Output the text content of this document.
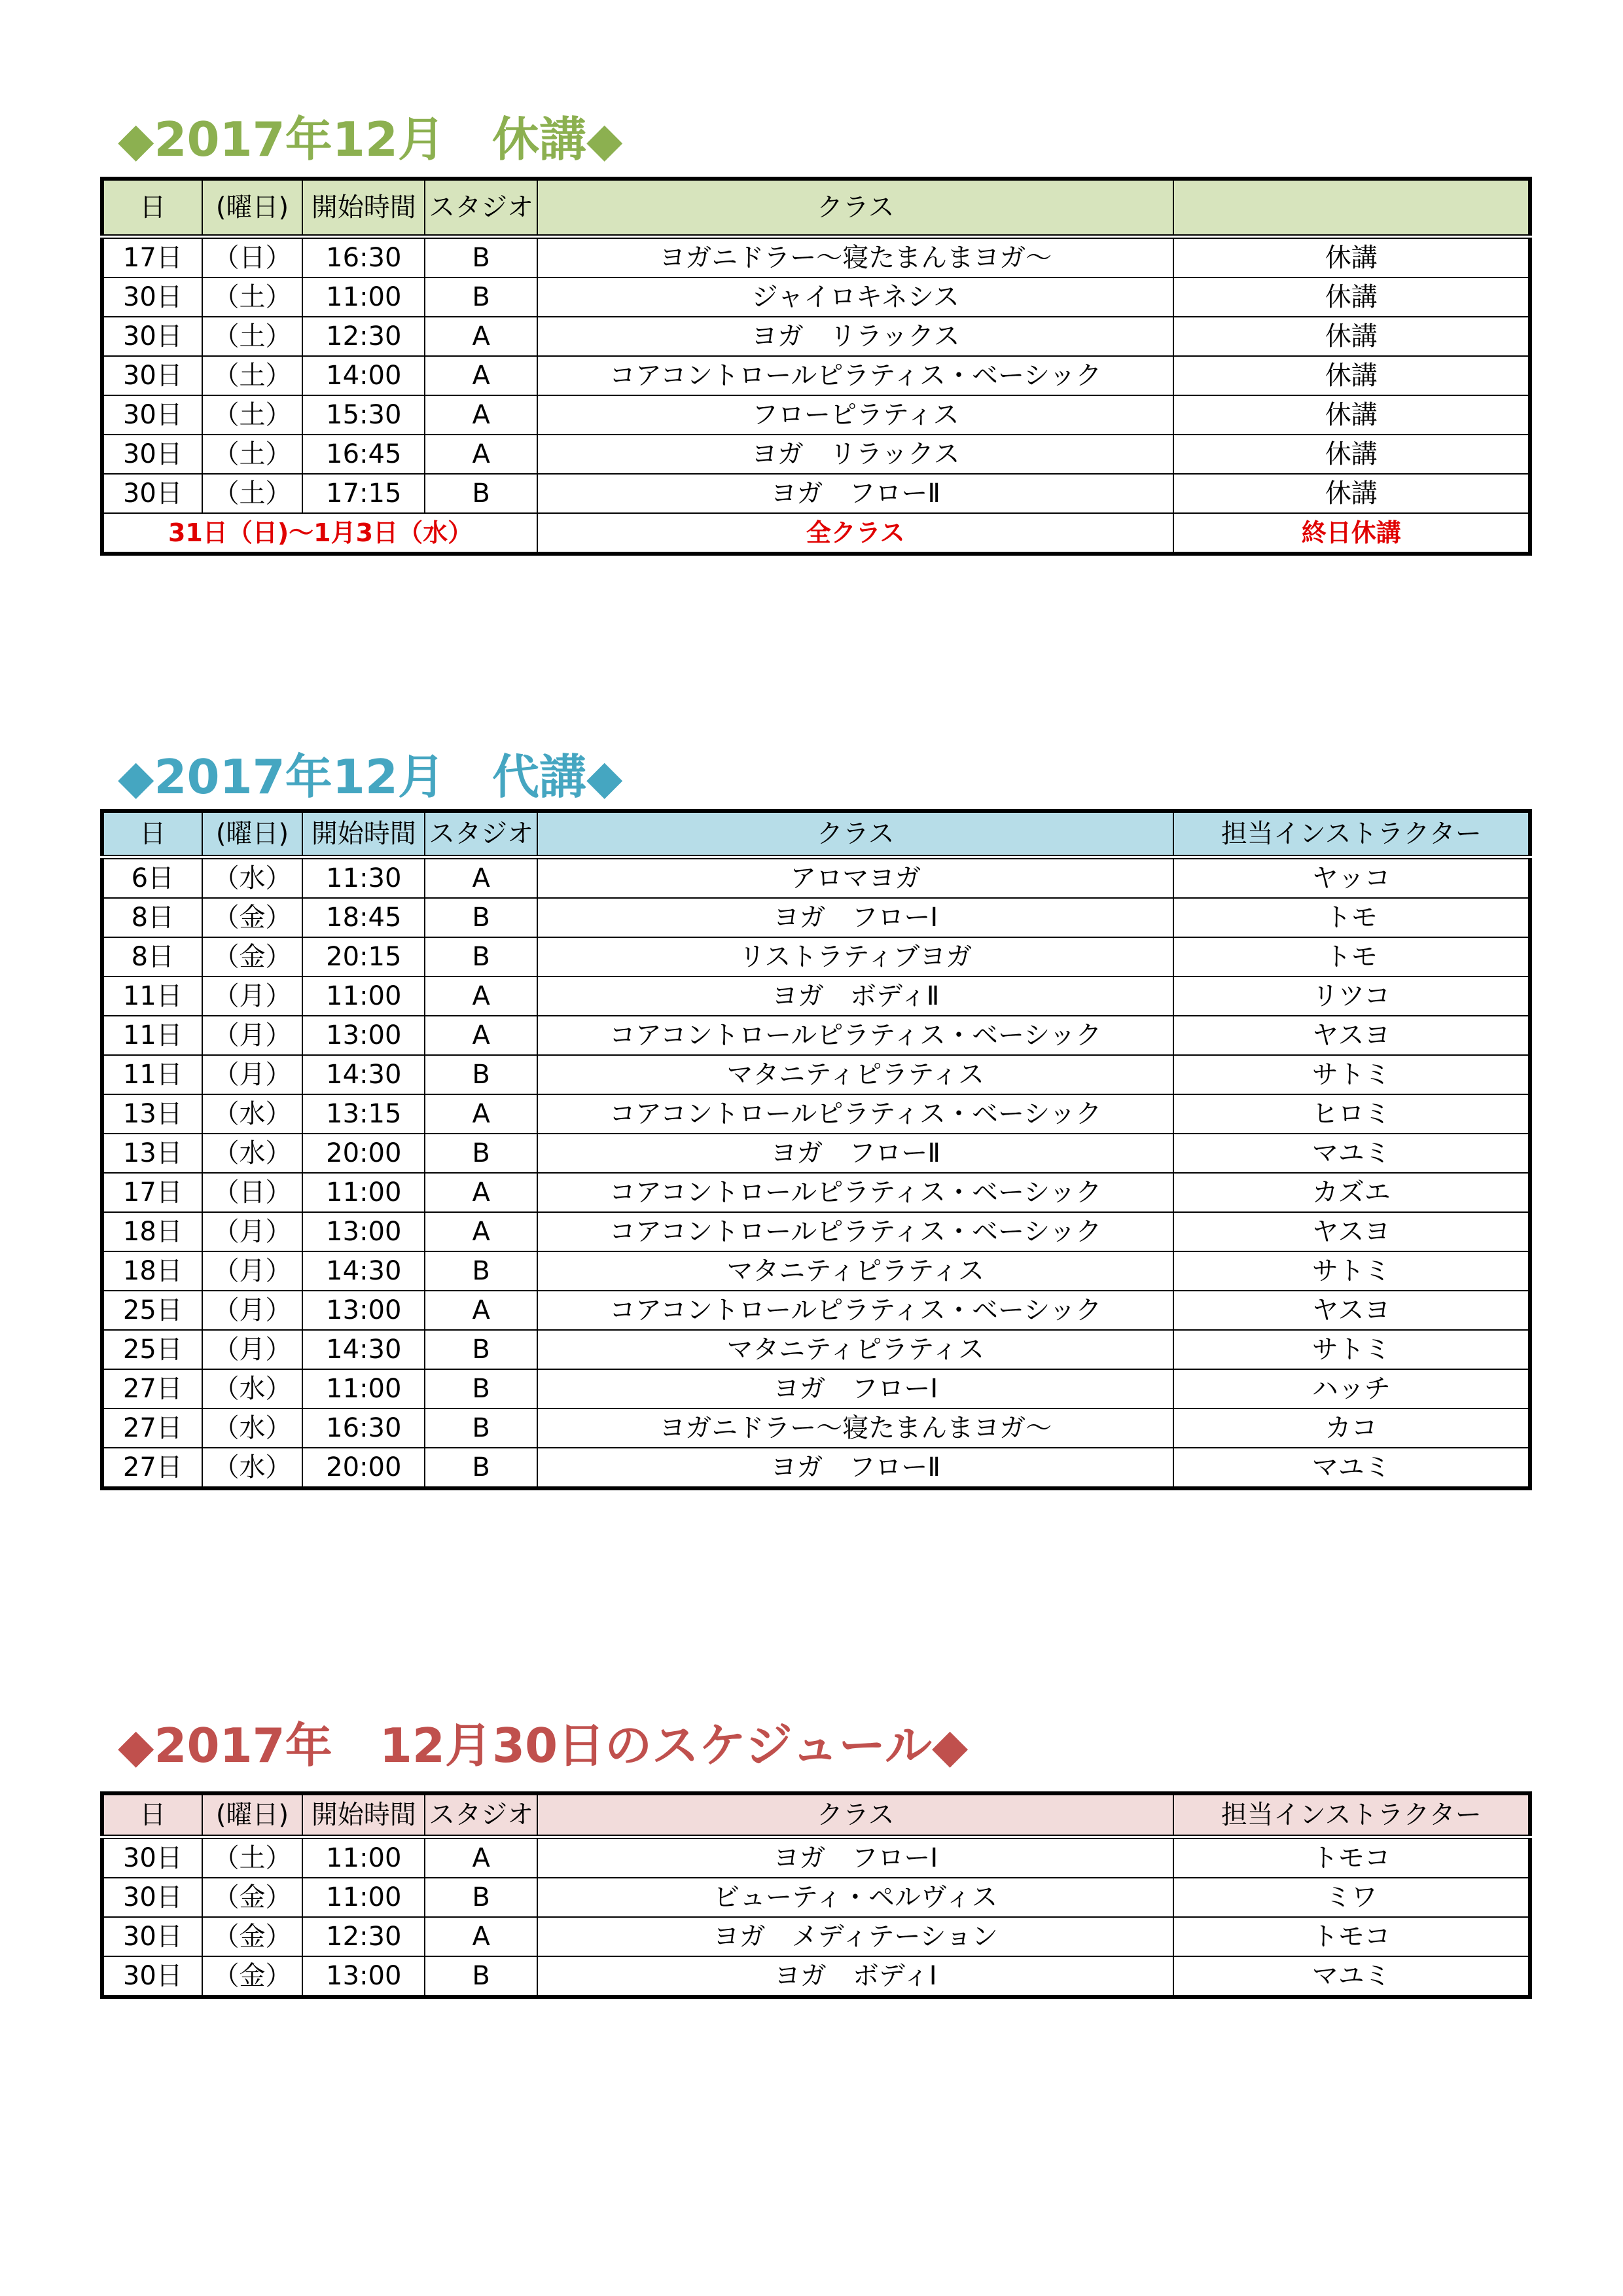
◆2017年12月　休講◆
日	(曜日)	開始時間	スタジオ	クラス	
17日	（日）	16:30	B	ヨガニドラー〜寝たまんまヨガ〜	休講
30日	（土）	11:00	B	ジャイロキネシス	休講
30日	（土）	12:30	A	ヨガ　リラックス	休講
30日	（土）	14:00	A	コアコントロールピラティス・ベーシック	休講
30日	（土）	15:30	A	フローピラティス	休講
30日	（土）	16:45	A	ヨガ　リラックス	休講
30日	（土）	17:15	B	ヨガ　フローⅡ	休講
31日（日)〜1月3日（水）				全クラス	終日休講
◆2017年12月　代講◆
日	(曜日)	開始時間	スタジオ	クラス	担当インストラクター
6日	（水）	11:30	A	アロマヨガ	ヤッコ
8日	（金）	18:45	B	ヨガ　フローⅠ	トモ
8日	（金）	20:15	B	リストラティブヨガ	トモ
11日	（月）	11:00	A	ヨガ　ボディⅡ	リツコ
11日	（月）	13:00	A	コアコントロールピラティス・ベーシック	ヤスヨ
11日	（月）	14:30	B	マタニティピラティス	サトミ
13日	（水）	13:15	A	コアコントロールピラティス・ベーシック	ヒロミ
13日	（水）	20:00	B	ヨガ　フローⅡ	マユミ
17日	（日）	11:00	A	コアコントロールピラティス・ベーシック	カズエ
18日	（月）	13:00	A	コアコントロールピラティス・ベーシック	ヤスヨ
18日	（月）	14:30	B	マタニティピラティス	サトミ
25日	（月）	13:00	A	コアコントロールピラティス・ベーシック	ヤスヨ
25日	（月）	14:30	B	マタニティピラティス	サトミ
27日	（水）	11:00	B	ヨガ　フローⅠ	ハッチ
27日	（水）	16:30	B	ヨガニドラー〜寝たまんまヨガ〜	カコ
27日	（水）	20:00	B	ヨガ　フローⅡ	マユミ
◆2017年　12月30日のスケジュール◆
日	(曜日)	開始時間	スタジオ	クラス	担当インストラクター
30日	（土）	11:00	A	ヨガ　フローⅠ	トモコ
30日	（金）	11:00	B	ビューティ・ペルヴィス	ミワ
30日	（金）	12:30	A	ヨガ　メディテーション	トモコ
30日	（金）	13:00	B	ヨガ　ボディⅠ	マユミ
